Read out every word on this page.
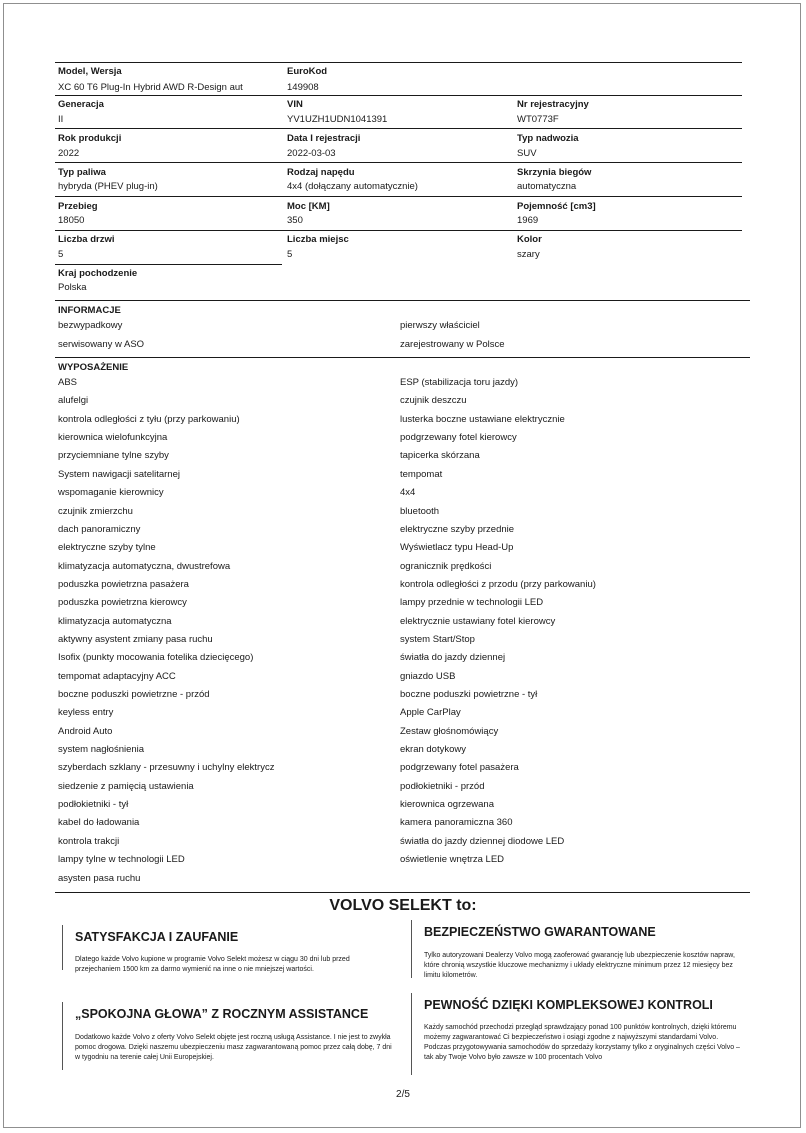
Model, Wersja
XC 60 T6 Plug-In Hybrid AWD R-Design aut
EuroKod
149908
Generacja
II
VIN
YV1UZH1UDN1041391
Nr rejestracyjny
WT0773F
Rok produkcji
2022
Data I rejestracji
2022-03-03
Typ nadwozia
SUV
Typ paliwa
hybryda (PHEV plug-in)
Rodzaj napędu
4x4 (dołączany automatycznie)
Skrzynia biegów
automatyczna
Przebieg
18050
Moc [KM]
350
Pojemność [cm3]
1969
Liczba drzwi
5
Liczba miejsc
5
Kolor
szary
Kraj pochodzenie
Polska
INFORMACJE
bezwypadkowy	pierwszy właściciel
serwisowany w ASO	zarejestrowany w Polsce
WYPOSAŻENIE
ABS	ESP (stabilizacja toru jazdy)
alufelgi	czujnik deszczu
kontrola odległości z tyłu (przy parkowaniu)	lusterka boczne ustawiane elektrycznie
kierownica wielofunkcyjna	podgrzewany fotel kierowcy
przyciemniane tylne szyby	tapicerka skórzana
System nawigacji satelitarnej	tempomat
wspomaganie kierownicy	4x4
czujnik zmierzchu	bluetooth
dach panoramiczny	elektryczne szyby przednie
elektryczne szyby tylne	Wyświetlacz typu Head-Up
klimatyzacja automatyczna, dwustrefowa	ogranicznik prędkości
poduszka powietrzna pasażera	kontrola odległości z przodu (przy parkowaniu)
poduszka powietrzna kierowcy	lampy przednie w technologii LED
klimatyzacja automatyczna	elektrycznie ustawiany fotel kierowcy
aktywny asystent zmiany pasa ruchu	system Start/Stop
Isofix (punkty mocowania fotelika dziecięcego)	światła do jazdy dziennej
tempomat adaptacyjny ACC	gniazdo USB
boczne poduszki powietrzne - przód	boczne poduszki powietrzne - tył
keyless entry	Apple CarPlay
Android Auto	Zestaw głośnomówiący
system nagłośnienia	ekran dotykowy
szyberdach szklany - przesuwny i uchylny elektrycz	podgrzewany fotel pasażera
siedzenie z pamięcią ustawienia	podłokietniki - przód
podłokietniki - tył	kierownica ogrzewana
kabel do ładowania	kamera panoramiczna 360
kontrola trakcji	światła do jazdy dziennej diodowe LED
lampy tylne w technologii LED	oświetlenie wnętrza LED
asysten pasa ruchu
VOLVO SELEKT to:
SATYSFAKCJA I ZAUFANIE
Dlatego każde Volvo kupione w programie Volvo Selekt możesz w ciągu 30 dni lub przed przejechaniem 1500 km za darmo wymienić na inne o nie mniejszej wartości.
BEZPIECZEŃSTWO GWARANTOWANE
Tylko autoryzowani Dealerzy Volvo mogą zaoferować gwarancję lub ubezpieczenie kosztów napraw, które chronią wszystkie kluczowe mechanizmy i układy elektryczne minimum przez 12 miesięcy bez limitu kilometrów.
„SPOKOJNA GŁOWA” Z ROCZNYM ASSISTANCE
Dodatkowo każde Volvo z oferty Volvo Selekt objęte jest roczną usługą Assistance. I nie jest to zwykła pomoc drogowa. Dzięki naszemu ubezpieczeniu masz zagwarantowaną pomoc przez całą dobę, 7 dni w tygodniu na terenie całej Unii Europejskiej.
PEWNOŚĆ DZIĘKI KOMPLEKSOWEJ KONTROLI
Każdy samochód przechodzi przegląd sprawdzający ponad 100 punktów kontrolnych, dzięki któremu możemy zagwarantować Ci bezpieczeństwo i osiągi zgodne z najwyższymi standardami Volvo. Podczas przygotowywania samochodów do sprzedaży korzystamy tylko z oryginalnych części Volvo – tak aby Twoje Volvo było zawsze w 100 procentach Volvo
2/5
